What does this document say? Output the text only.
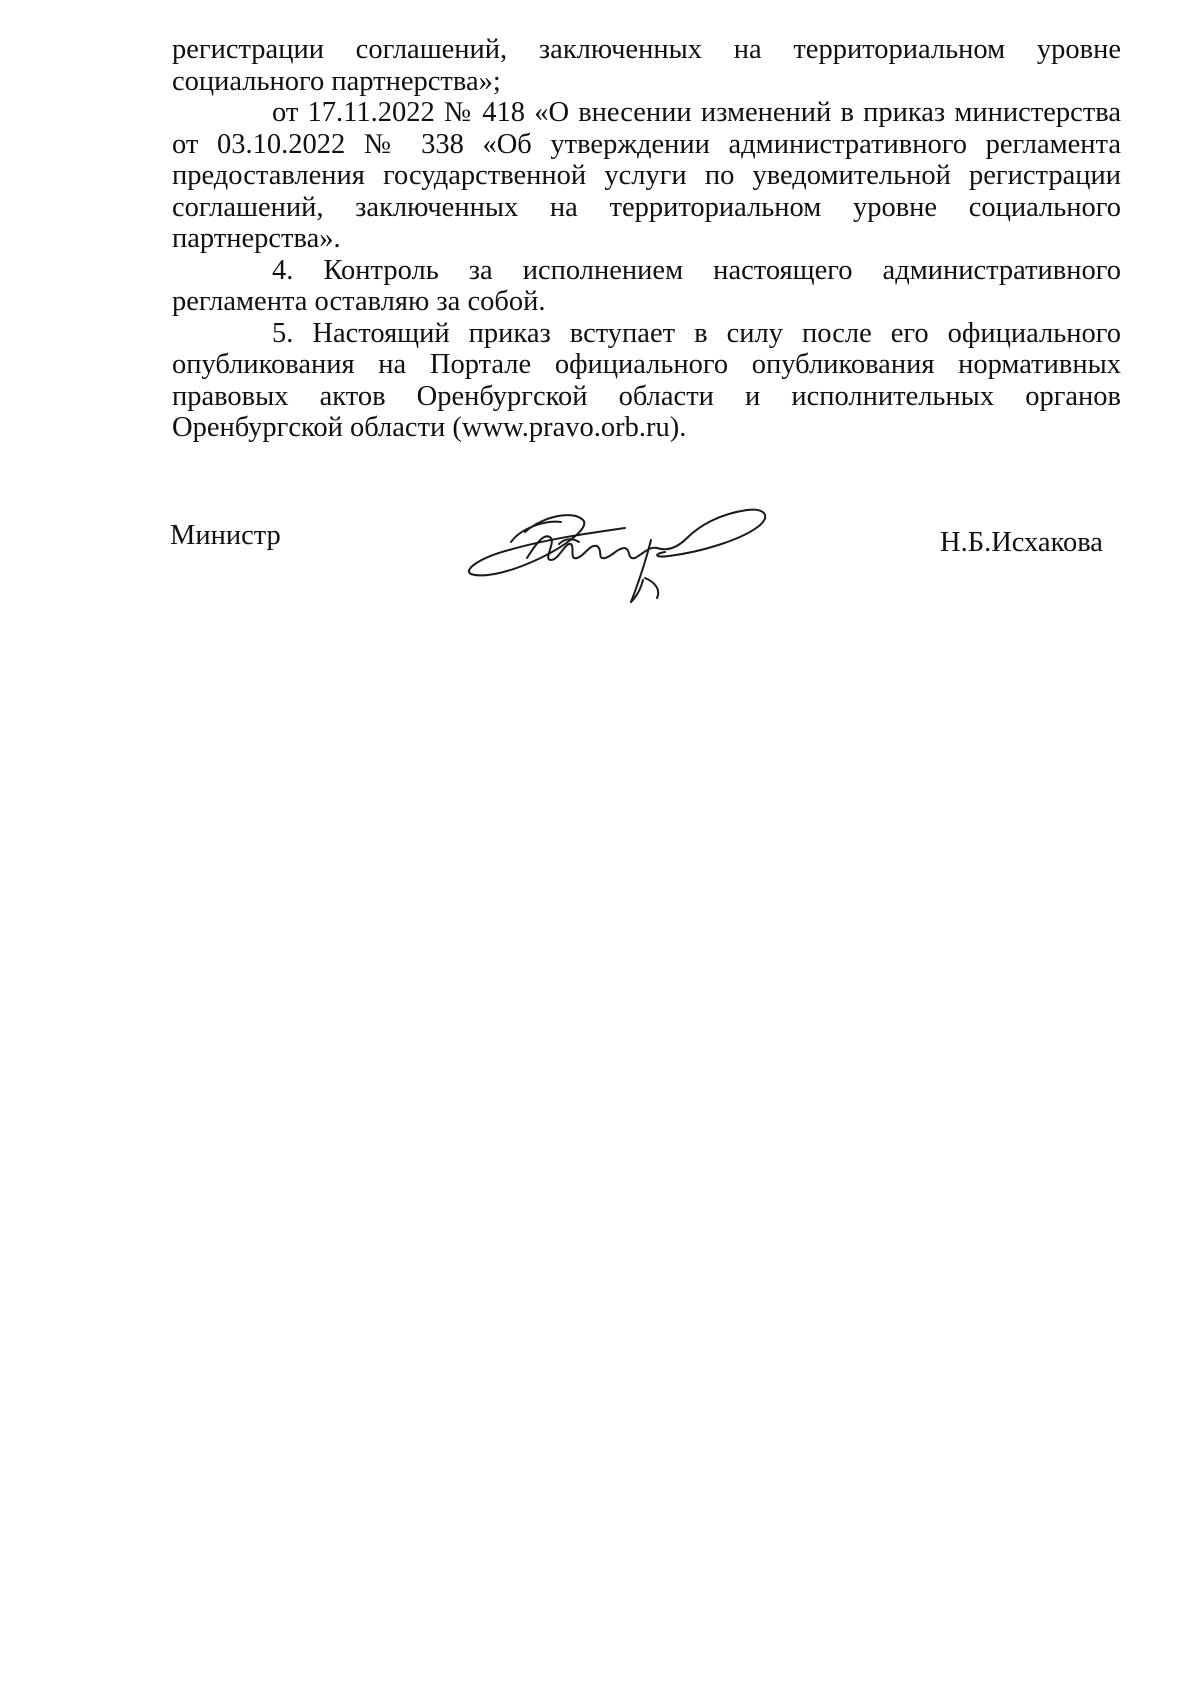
регистрации соглашений, заключенных на территориальном уровне социального партнерства»;

от 17.11.2022 № 418 «О внесении изменений в приказ министерства от 03.10.2022 № 338 «Об утверждении административного регламента предоставления государственной услуги по уведомительной регистрации соглашений, заключенных на территориальном уровне социального партнерства».

4. Контроль за исполнением настоящего административного регламента оставляю за собой.

5. Настоящий приказ вступает в силу после его официального опубликования на Портале официального опубликования нормативных правовых актов Оренбургской области и исполнительных органов Оренбургской области (www.pravo.orb.ru).

Министр	Н.Б.Исхакова
